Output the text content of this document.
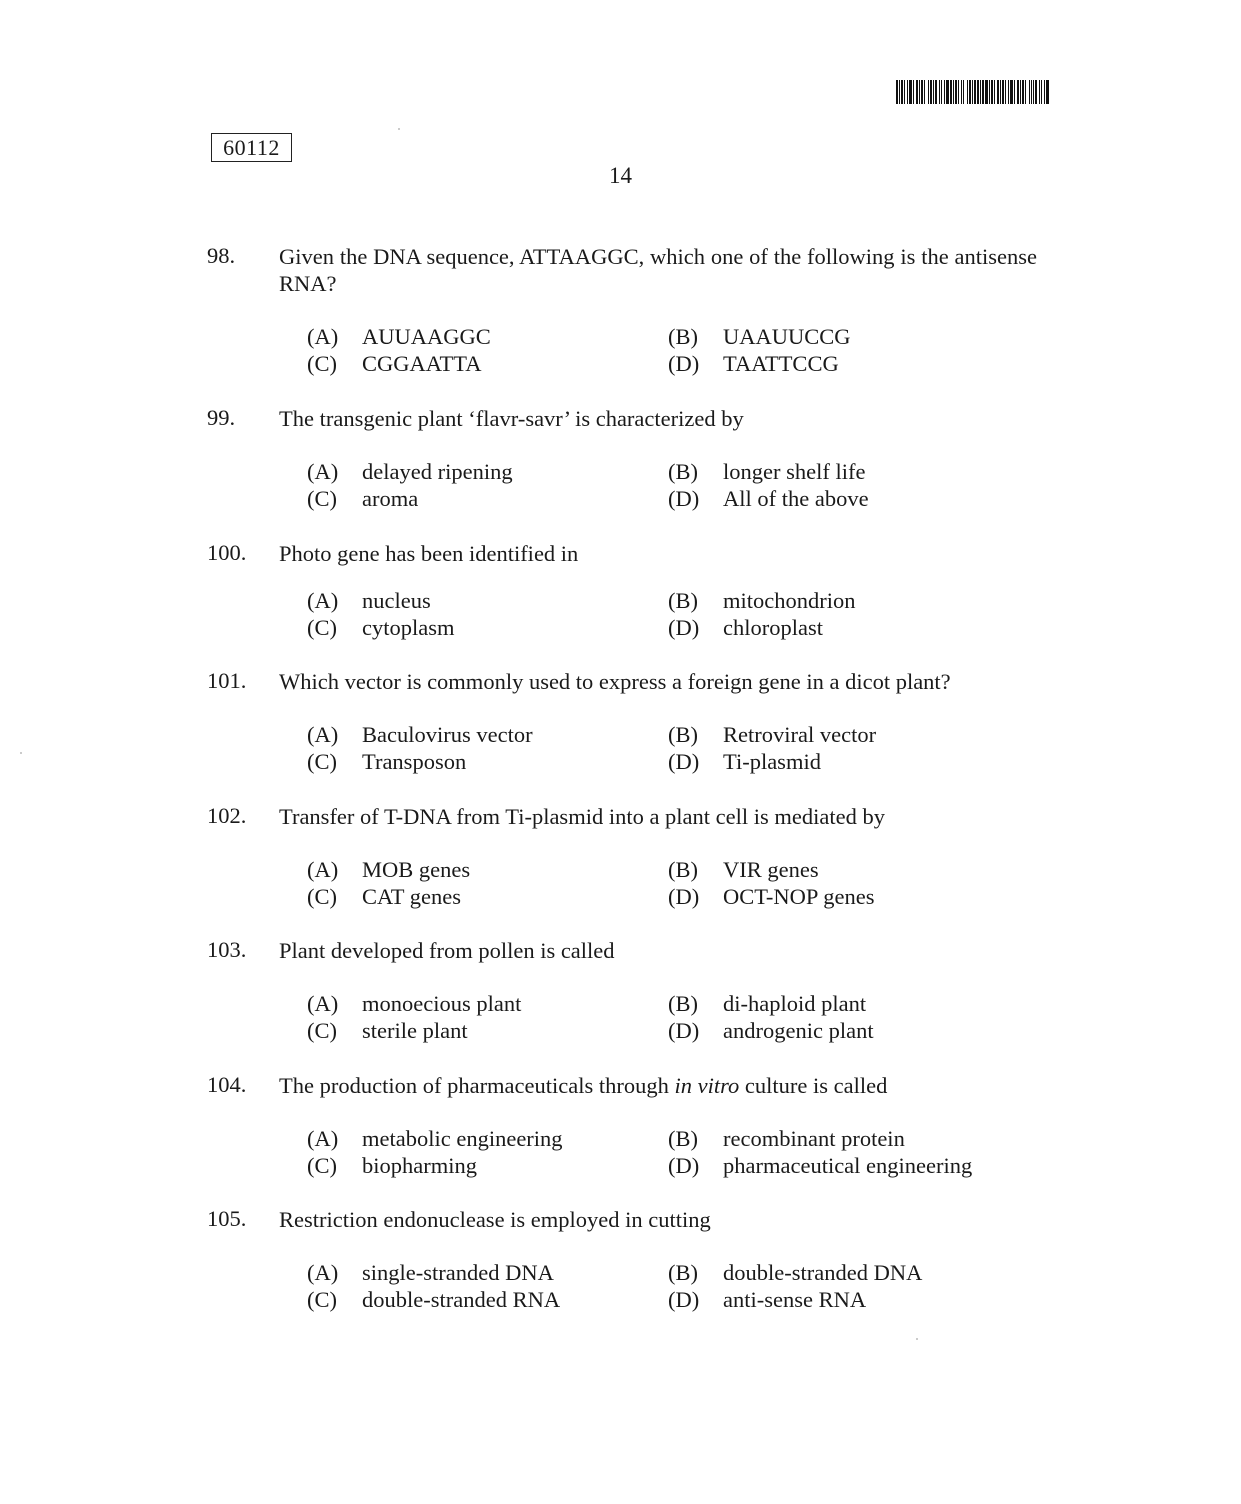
60112
14
98. Given the DNA sequence, ATTAAGGC, which one of the following is the antisense RNA?
(A) AUUAAGGC	(B) UAAUUCCG
(C) CGGAATTA	(D) TAATTCCG
99. The transgenic plant ‘flavr-savr’ is characterized by
(A) delayed ripening	(B) longer shelf life
(C) aroma	(D) All of the above
100. Photo gene has been identified in
(A) nucleus	(B) mitochondrion
(C) cytoplasm	(D) chloroplast
101. Which vector is commonly used to express a foreign gene in a dicot plant?
(A) Baculovirus vector	(B) Retroviral vector
(C) Transposon	(D) Ti-plasmid
102. Transfer of T-DNA from Ti-plasmid into a plant cell is mediated by
(A) MOB genes	(B) VIR genes
(C) CAT genes	(D) OCT-NOP genes
103. Plant developed from pollen is called
(A) monoecious plant	(B) di-haploid plant
(C) sterile plant	(D) androgenic plant
104. The production of pharmaceuticals through in vitro culture is called
(A) metabolic engineering	(B) recombinant protein
(C) biopharming	(D) pharmaceutical engineering
105. Restriction endonuclease is employed in cutting
(A) single-stranded DNA	(B) double-stranded DNA
(C) double-stranded RNA	(D) anti-sense RNA
